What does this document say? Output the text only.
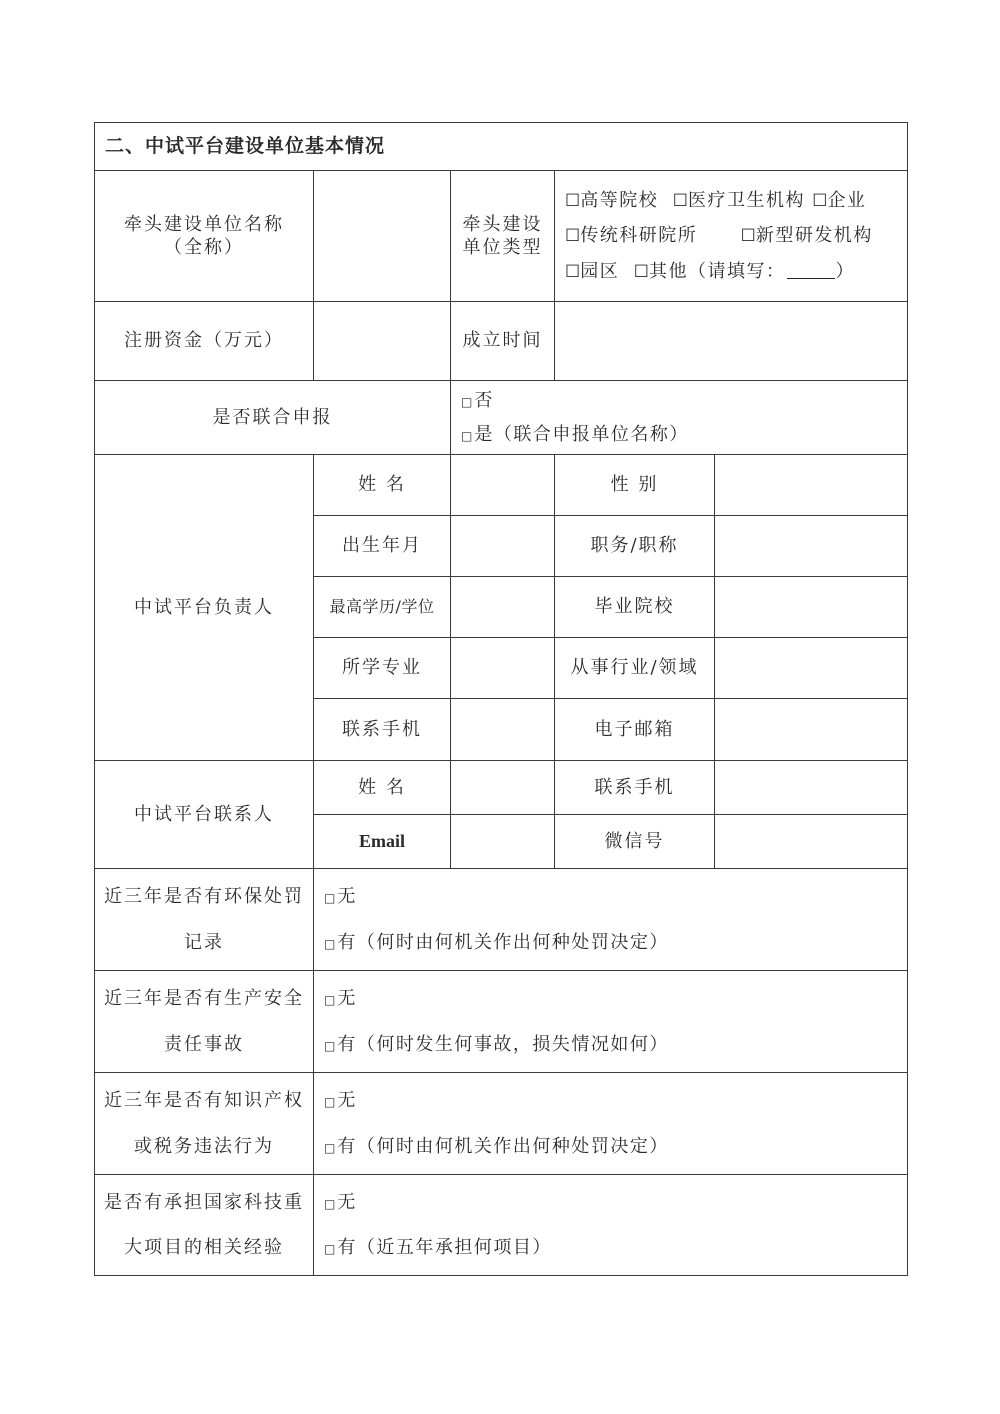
二、中试平台建设单位基本情况				

牵头建设单位名称
（全称）		牵头建设
单位类型	☐高等院校 ☐医疗卫生机构 ☐企业
☐传统科研院所 ☐新型研发机构
☐园区 ☐其他（请填写： ）	

注册资金（万元）		成立时间		
是否联合申报		□ 否
□ 是（联合申报单位名称）		

中试平台负责人	姓 名		性 别	
	出生年月		职务/职称	
	最高学历/学位		毕业院校	
	所学专业		从事行业/领域	
	联系手机		电子邮箱	
中试平台联系人	姓 名		联系手机	
	Email		微信号	

近三年是否有环保处罚
记录	□ 无
□ 有（何时由何机关作出何种处罚决定）			

近三年是否有生产安全
责任事故	□ 无
□ 有（何时发生何事故，损失情况如何）			

近三年是否有知识产权
或税务违法行为	□ 无
□ 有（何时由何机关作出何种处罚决定）			

是否有承担国家科技重
大项目的相关经验	□ 无
□ 有（近五年承担何项目）			
